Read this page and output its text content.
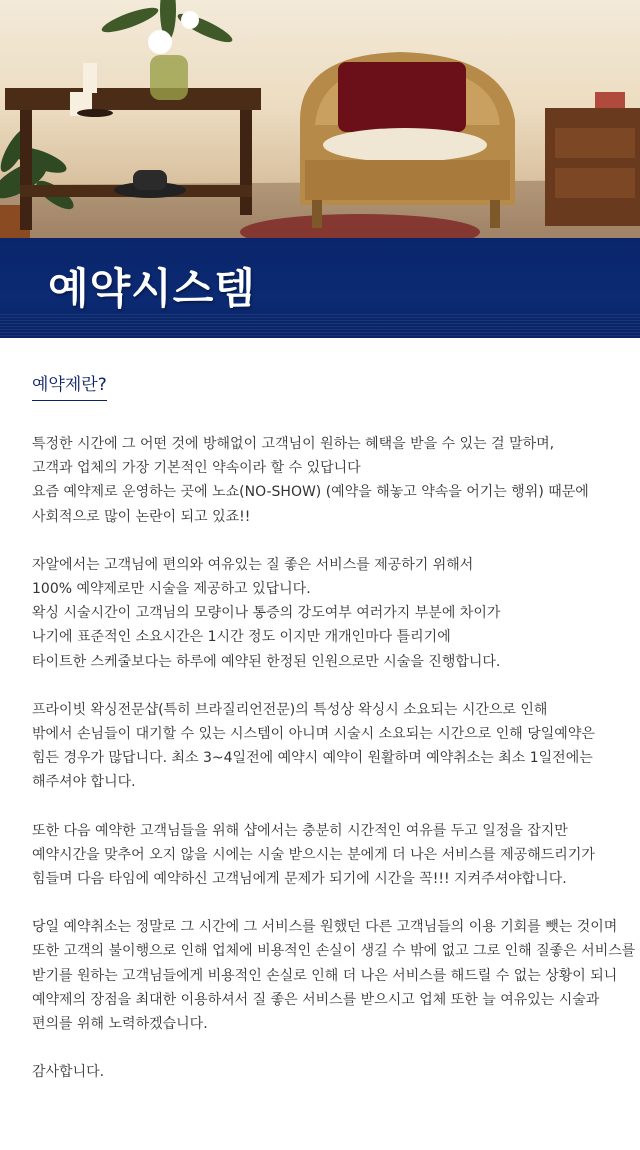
예약시스템
예약제란?

특정한 시간에 그 어떤 것에 방해없이 고객님이 원하는 혜택을 받을 수 있는 걸 말하며,
고객과 업체의 가장 기본적인 약속이라 할 수 있답니다
요즘 예약제로 운영하는 곳에 노쇼(NO-SHOW) (예약을 해놓고 약속을 어기는 행위) 때문에
사회적으로 많이 논란이 되고 있죠!!

자알에서는 고객님에 편의와 여유있는 질 좋은 서비스를 제공하기 위해서
100% 예약제로만 시술을 제공하고 있답니다.
왁싱 시술시간이 고객님의 모량이나 통증의 강도여부 여러가지 부분에 차이가
나기에 표준적인 소요시간은 1시간 정도 이지만 개개인마다 틀리기에
타이트한 스케줄보다는 하루에 예약된 한정된 인원으로만 시술을 진행합니다.

프라이빗 왁싱전문샵(특히 브라질리언전문)의 특성상 왁싱시 소요되는 시간으로 인해
밖에서 손님들이 대기할 수 있는 시스템이 아니며 시술시 소요되는 시간으로 인해 당일예약은
힘든 경우가 많답니다. 최소 3~4일전에 예약시 예약이 원활하며 예약취소는 최소 1일전에는
해주셔야 합니다.

또한 다음 예약한 고객님들을 위해 샵에서는 충분히 시간적인 여유를 두고 일정을 잡지만
예약시간을 맞추어 오지 않을 시에는 시술 받으시는 분에게 더 나은 서비스를 제공해드리기가
힘들며 다음 타임에 예약하신 고객님에게 문제가 되기에 시간을 꼭!!! 지켜주셔야합니다.

당일 예약취소는 정말로 그 시간에 그 서비스를 원했던 다른 고객님들의 이용 기회를 뺏는 것이며
또한 고객의 불이행으로 인해 업체에 비용적인 손실이 생길 수 밖에 없고 그로 인해 질좋은 서비스를
받기를 원하는 고객님들에게 비용적인 손실로 인해 더 나은 서비스를 해드릴 수 없는 상황이 되니
예약제의 장점을 최대한 이용하셔서 질 좋은 서비스를 받으시고 업체 또한 늘 여유있는 시술과
편의를 위해 노력하겠습니다.

감사합니다.
